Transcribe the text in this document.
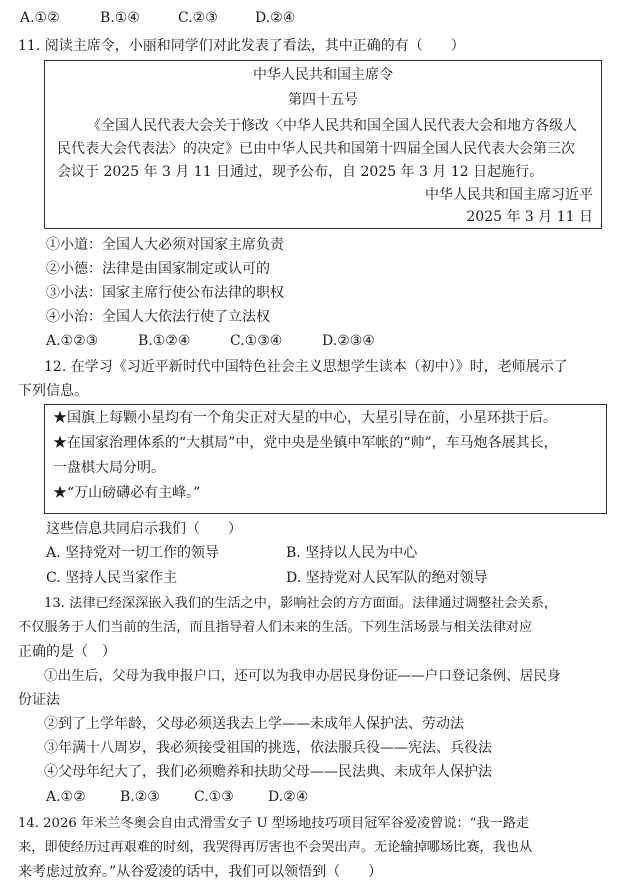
A.①②	B.①④	C.②③	D.②④
11. 阅读主席令，小丽和同学们对此发表了看法，其中正确的有（　　）
中华人民共和国主席令
第四十五号
《全国人民代表大会关于修改〈中华人民共和国全国人民代表大会和地方各级人
民代表大会代表法〉的决定》已由中华人民共和国第十四届全国人民代表大会第三次
会议于 2025 年 3 月 11 日通过，现予公布，自 2025 年 3 月 12 日起施行。
中华人民共和国主席习近平
2025 年 3 月 11 日
①小道：全国人大必须对国家主席负责
②小德：法律是由国家制定或认可的
③小法：国家主席行使公布法律的职权
④小治：全国人大依法行使了立法权
A.①②③	B.①②④	C.①③④	D.②③④
12. 在学习《习近平新时代中国特色社会主义思想学生读本（初中）》时，老师展示了
下列信息。
★国旗上每颗小星均有一个角尖正对大星的中心，大星引导在前，小星环拱于后。
★在国家治理体系的“大棋局”中，党中央是坐镇中军帐的“帅”，车马炮各展其长，
一盘棋大局分明。
★“万山磅礴必有主峰。”
这些信息共同启示我们（　　）
A. 坚持党对一切工作的领导	B. 坚持以人民为中心
C. 坚持人民当家作主	D. 坚持党对人民军队的绝对领导
13. 法律已经深深嵌入我们的生活之中，影响社会的方方面面。法律通过调整社会关系，
不仅服务于人们当前的生活，而且指导着人们未来的生活。下列生活场景与相关法律对应
正确的是（　）
①出生后，父母为我申报户口，还可以为我申办居民身份证——户口登记条例、居民身
份证法
②到了上学年龄，父母必须送我去上学——未成年人保护法、劳动法
③年满十八周岁，我必须接受祖国的挑选，依法服兵役——宪法、兵役法
④父母年纪大了，我们必须赡养和扶助父母——民法典、未成年人保护法
A.①② B.②③ C.①③ D.②④
14. 2026 年米兰冬奥会自由式滑雪女子 U 型场地技巧项目冠军谷爱凌曾说：“我一路走
来，即使经历过再艰难的时刻，我哭得再厉害也不会哭出声。无论输掉哪场比赛，我也从
来考虑过放弃。”从谷爱凌的话中，我们可以领悟到（　　）
